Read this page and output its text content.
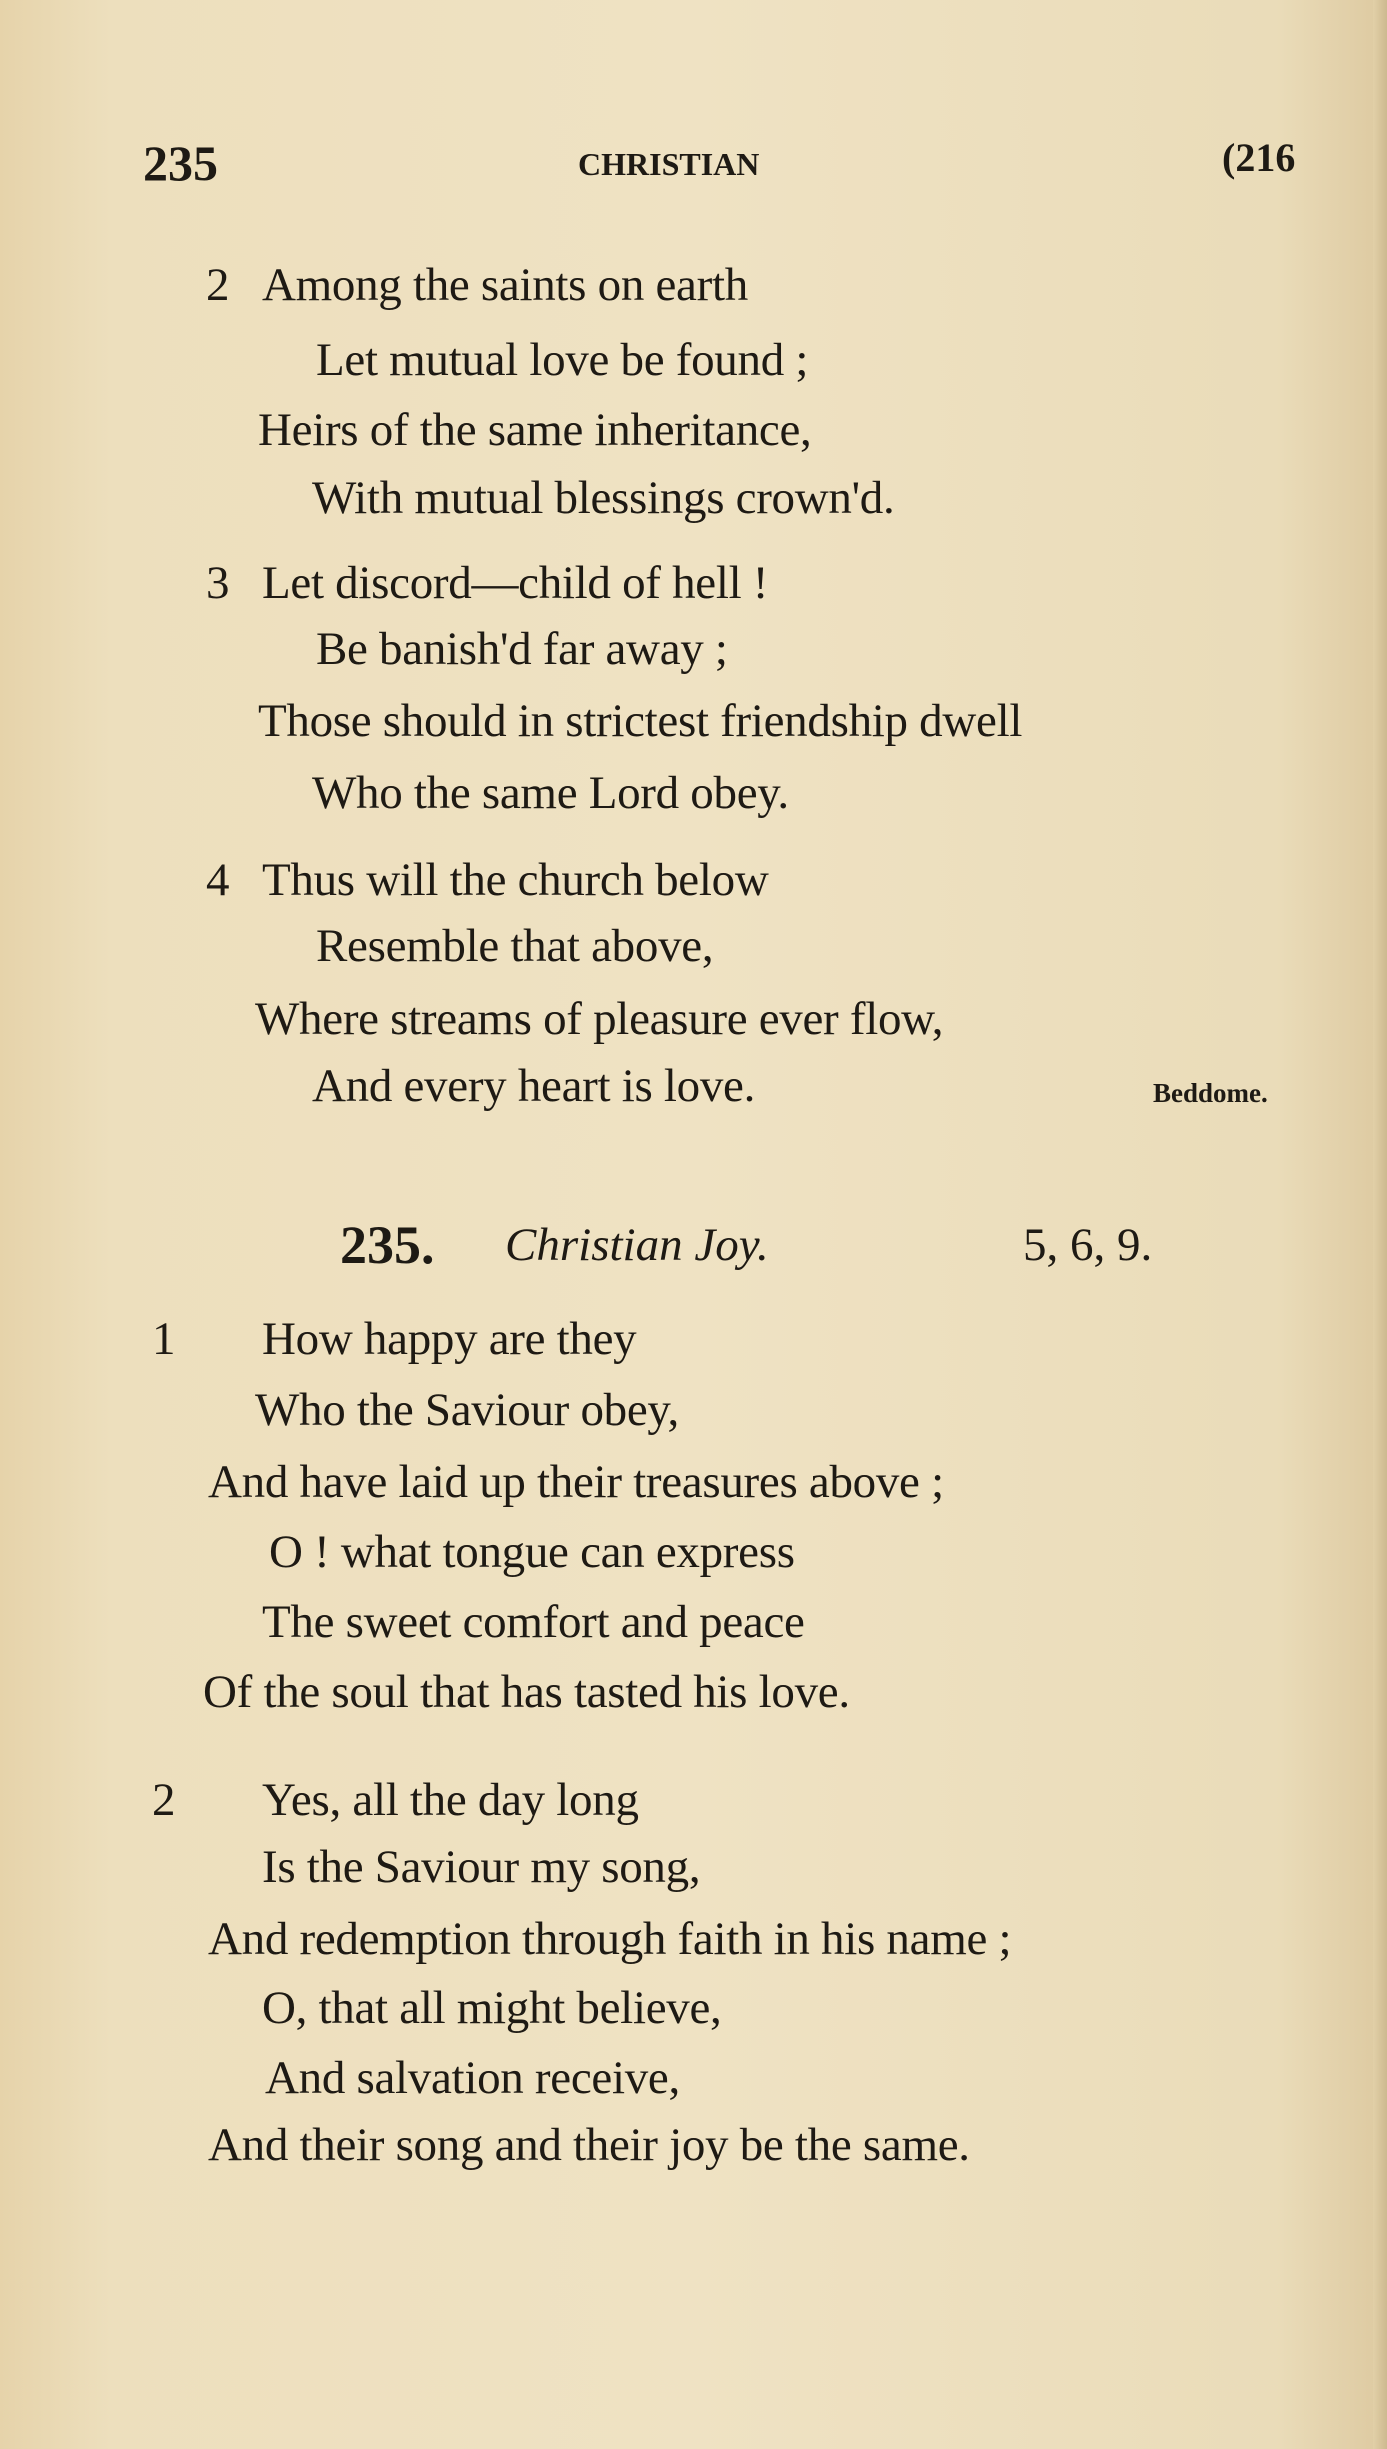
235	CHRISTIAN	(216
2 Among the saints on earth
Let mutual love be found ;
Heirs of the same inheritance,
With mutual blessings crown'd.
3 Let discord—child of hell !
Be banish'd far away ;
Those should in strictest friendship dwell
Who the same Lord obey.
4 Thus will the church below
Resemble that above,
Where streams of pleasure ever flow,
And every heart is love.	Beddome.
235. Christian Joy.	5, 6, 9.
1 How happy are they
Who the Saviour obey,
And have laid up their treasures above ;
O ! what tongue can express
The sweet comfort and peace
Of the soul that has tasted his love.
2 Yes, all the day long
Is the Saviour my song,
And redemption through faith in his name ;
O, that all might believe,
And salvation receive,
And their song and their joy be the same.
